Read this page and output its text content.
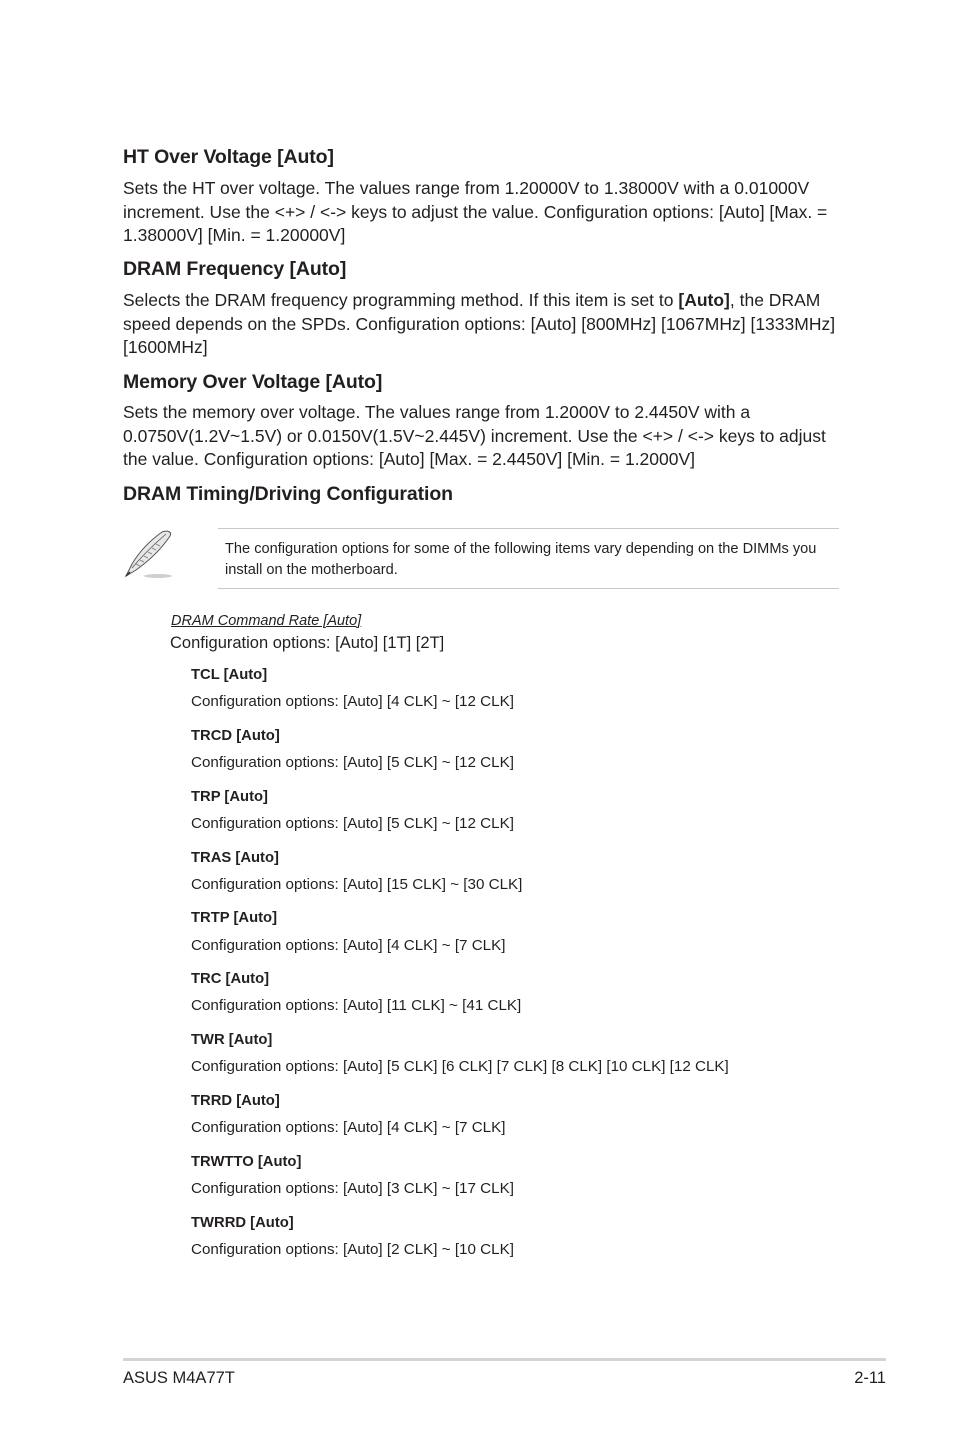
HT Over Voltage [Auto]
Sets the HT over voltage. The values range from 1.20000V to 1.38000V with a 0.01000V
increment. Use the <+> / <-> keys to adjust the value. Configuration options: [Auto] [Max. =
1.38000V] [Min. = 1.20000V]
DRAM Frequency [Auto]
Selects the DRAM frequency programming method. If this item is set to [Auto], the DRAM
speed depends on the SPDs. Configuration options: [Auto] [800MHz] [1067MHz] [1333MHz]
[1600MHz]
Memory Over Voltage [Auto]
Sets the memory over voltage. The values range from 1.2000V to 2.4450V with a
0.0750V(1.2V~1.5V) or 0.0150V(1.5V~2.445V) increment. Use the <+> / <-> keys to adjust
the value. Configuration options: [Auto] [Max. = 2.4450V] [Min. = 1.2000V]
DRAM Timing/Driving Configuration
The configuration options for some of the following items vary depending on the DIMMs you
install on the motherboard.
DRAM Command Rate [Auto]
Configuration options: [Auto] [1T] [2T]
TCL [Auto]
Configuration options: [Auto] [4 CLK] ~ [12 CLK]
TRCD [Auto]
Configuration options: [Auto] [5 CLK] ~ [12 CLK]
TRP [Auto]
Configuration options: [Auto] [5 CLK] ~ [12 CLK]
TRAS [Auto]
Configuration options: [Auto] [15 CLK] ~ [30 CLK]
TRTP [Auto]
Configuration options: [Auto] [4 CLK] ~ [7 CLK]
TRC [Auto]
Configuration options: [Auto] [11 CLK] ~ [41 CLK]
TWR [Auto]
Configuration options: [Auto] [5 CLK] [6 CLK] [7 CLK] [8 CLK] [10 CLK] [12 CLK]
TRRD [Auto]
Configuration options: [Auto] [4 CLK] ~ [7 CLK]
TRWTTO [Auto]
Configuration options: [Auto] [3 CLK] ~ [17 CLK]
TWRRD [Auto]
Configuration options: [Auto] [2 CLK] ~ [10 CLK]
ASUS M4A77T	2-11
